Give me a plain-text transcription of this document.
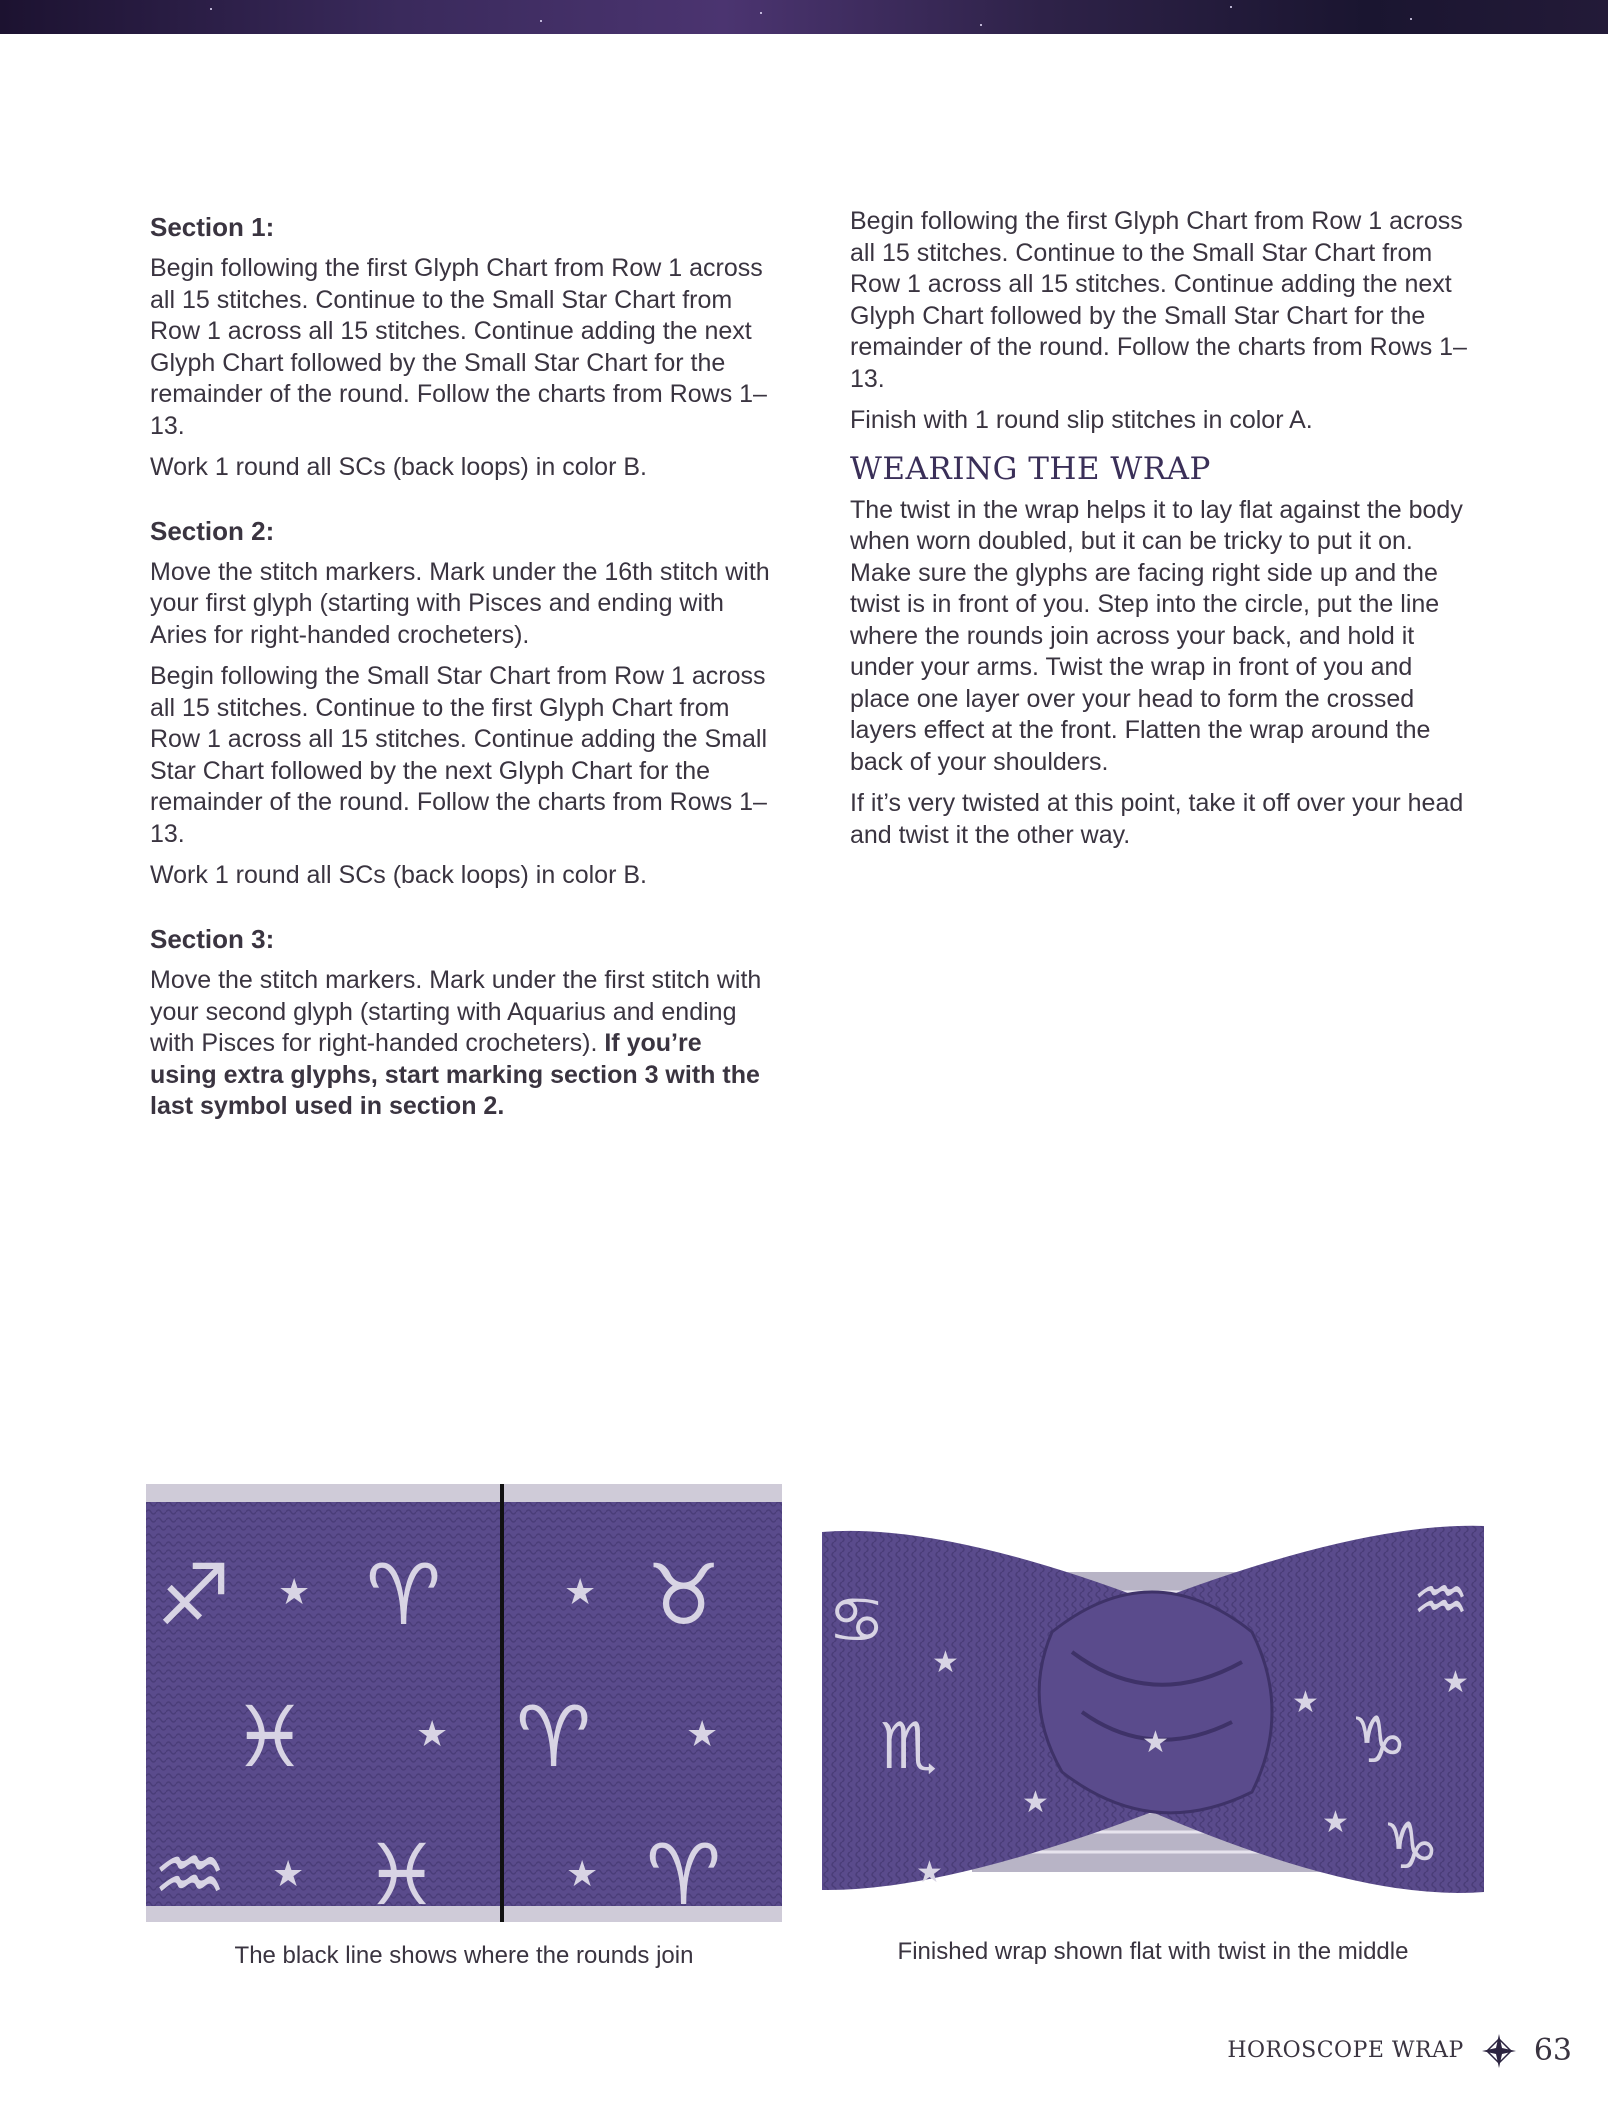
Section 1:

Begin following the first Glyph Chart from Row 1 across all 15 stitches. Continue to the Small Star Chart from Row 1 across all 15 stitches. Continue adding the next Glyph Chart followed by the Small Star Chart for the remainder of the round. Follow the charts from Rows 1–13.

Work 1 round all SCs (back loops) in color B.

Section 2:

Move the stitch markers. Mark under the 16th stitch with your first glyph (starting with Pisces and ending with Aries for right-handed crocheters).

Begin following the Small Star Chart from Row 1 across all 15 stitches. Continue to the first Glyph Chart from Row 1 across all 15 stitches. Continue adding the Small Star Chart followed by the next Glyph Chart for the remainder of the round. Follow the charts from Rows 1–13.

Work 1 round all SCs (back loops) in color B.

Section 3:

Move the stitch markers. Mark under the first stitch with your second glyph (starting with Aquarius and ending with Pisces for right-handed crocheters). If you’re using extra glyphs, start marking section 3 with the last symbol used in section 2.

Begin following the first Glyph Chart from Row 1 across all 15 stitches. Continue to the Small Star Chart from Row 1 across all 15 stitches. Continue adding the next Glyph Chart followed by the Small Star Chart for the remainder of the round. Follow the charts from Rows 1–13.

Finish with 1 round slip stitches in color A.

WEARING THE WRAP

The twist in the wrap helps it to lay flat against the body when worn doubled, but it can be tricky to put it on. Make sure the glyphs are facing right side up and the twist is in front of you. Step into the circle, put the line where the rounds join across your back, and hold it under your arms. Twist the wrap in front of you and place one layer over your head to form the crossed layers effect at the front. Flatten the wrap around the back of your shoulders.

If it’s very twisted at this point, take it off over your head and twist it the other way.

♐ ♈ ♉
♓ ♈
♒ ♓ ♈
★	★
★	★
★	★
The black line shows where the rounds join
♋
♏
♒
♑
♑
★
★
★
★
★
★
★
Finished wrap shown flat with twist in the middle
HOROSCOPE WRAP 63
